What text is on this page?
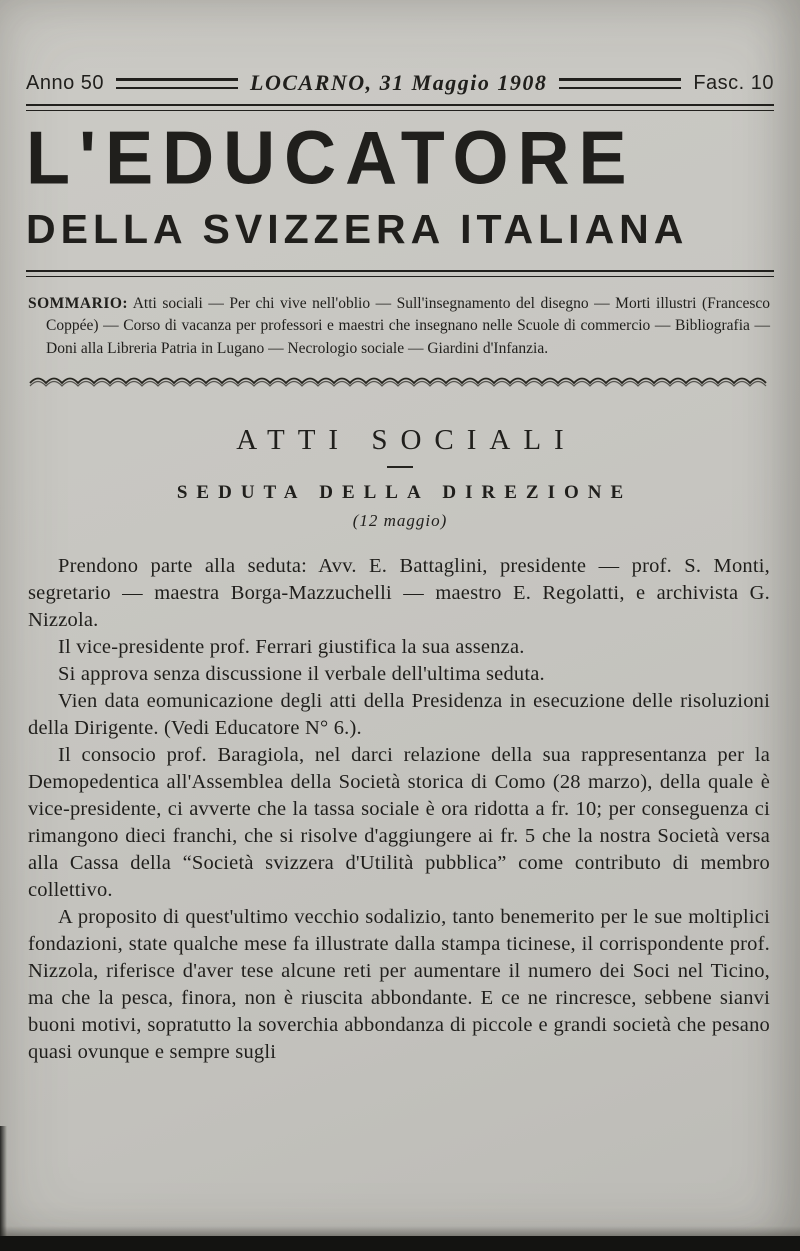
Anno 50	LOCARNO, 31 Maggio 1908	Fasc. 10
L'EDUCATORE
DELLA SVIZZERA ITALIANA

SOMMARIO: Atti sociali — Per chi vive nell'oblio — Sull'insegnamento del disegno — Morti illustri (Francesco Coppée) — Corso di vacanza per professori e maestri che insegnano nelle Scuole di commercio — Bibliografia — Doni alla Libreria Patria in Lugano — Necrologio sociale — Giardini d'Infanzia.

ATTI SOCIALI
SEDUTA DELLA DIREZIONE
(12 maggio)

Prendono parte alla seduta: Avv. E. Battaglini, presidente — prof. S. Monti, segretario — maestra Borga-Mazzuchelli — maestro E. Regolatti, e archivista G. Nizzola.

Il vice-presidente prof. Ferrari giustifica la sua assenza.

Si approva senza discussione il verbale dell'ultima seduta.

Vien data eomunicazione degli atti della Presidenza in esecuzione delle risoluzioni della Dirigente. (Vedi Educatore N° 6.).

Il consocio prof. Baragiola, nel darci relazione della sua rappresentanza per la Demopedentica all'Assemblea della Società storica di Como (28 marzo), della quale è vice-presidente, ci avverte che la tassa sociale è ora ridotta a fr. 10; per conseguenza ci rimangono dieci franchi, che si risolve d'aggiungere ai fr. 5 che la nostra Società versa alla Cassa della “Società svizzera d'Utilità pubblica” come contributo di membro collettivo.

A proposito di quest'ultimo vecchio sodalizio, tanto benemerito per le sue moltiplici fondazioni, state qualche mese fa illustrate dalla stampa ticinese, il corrispondente prof. Nizzola, riferisce d'aver tese alcune reti per aumentare il numero dei Soci nel Ticino, ma che la pesca, finora, non è riuscita abbondante. E ce ne rincresce, sebbene sianvi buoni motivi, sopratutto la soverchia abbondanza di piccole e grandi società che pesano quasi ovunque e sempre sugli
